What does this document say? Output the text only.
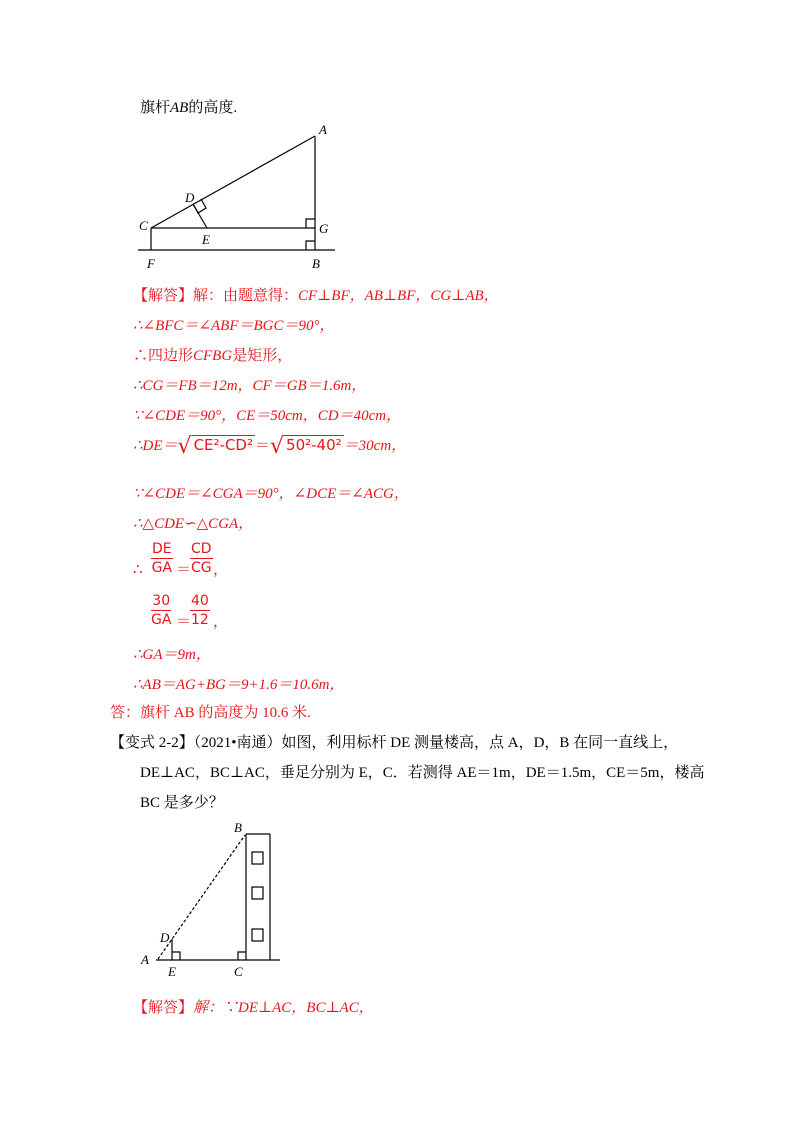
旗杆AB的高度.
A
C
D
E
F
G
B
【解答】解：由题意得：CF⊥BF，AB⊥BF，CG⊥AB，
∴∠BFC＝∠ABF＝BGC＝90°，
∴四边形CFBG是矩形，
∴CG＝FB＝12m，CF＝GB＝1.6m，
∵∠CDE＝90°，CE＝50cm，CD＝40cm，
∴DE＝√ CE²-CD² ＝√ 50²-40² ＝30cm，
∵∠CDE＝∠CGA＝90°，∠DCE＝∠ACG，
∴△CDE∽△CGA，
∴ $\frac{DE}{GA}$ ＝
$\frac{CD}{CG}$ ，
$\frac{30}{GA}$ ＝
$\frac{40}{12}$ ，
∴GA＝9m，
∴AB＝AG+BG＝9+1.6＝10.6m，
答：旗杆 AB 的高度为 10.6 米.
【变式 2-2】（2021•南通）如图，利用标杆 DE 测量楼高，点 A，D，B 在同一直线上，
DE⊥AC，BC⊥AC，垂足分别为 E，C．若测得 AE＝1m，DE＝1.5m，CE＝5m，楼高
BC 是多少？
B
D
A
E	C
【解答】解：∵DE⊥AC，BC⊥AC，
